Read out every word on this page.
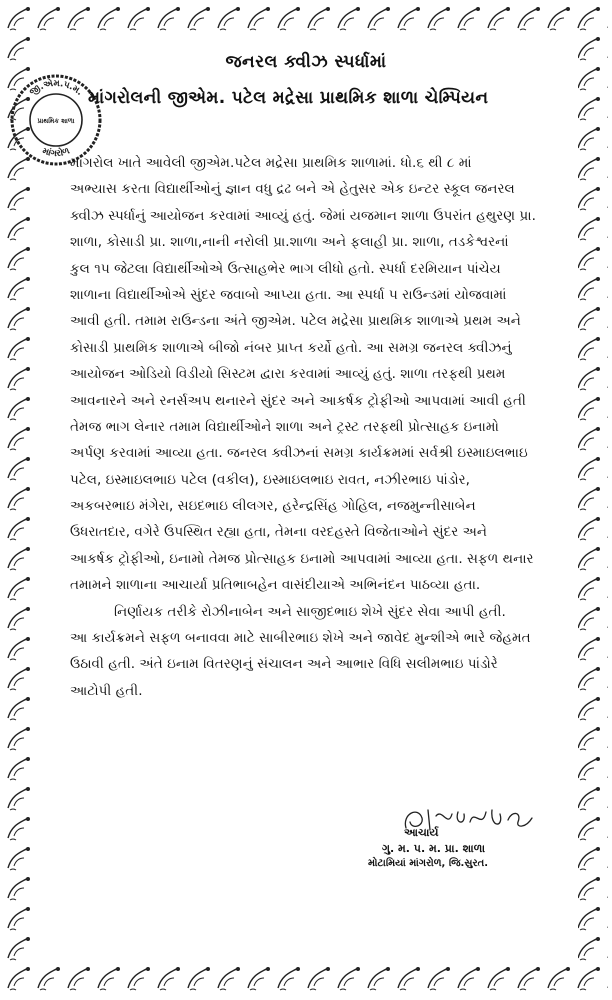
જી.એમ.પ.મ.
પ્રાથમિક શાળા
માંગરોળ
જનરલ ક્વીઝ સ્પર્ધામાં
માંગરોલની જીએમ. પટેલ મદ્રેસા પ્રાથમિક શાળા ચેમ્પિયન
માંગરોલ ખાતે આવેલી જીએમ.પટેલ મદ્રેસા પ્રાથમિક શાળામાં. ધો.૬ થી ૮ માં
અભ્યાસ કરતા વિદ્યાર્થીઓનું જ્ઞાન વધુ દ્રઢ બને એ હેતુસર એક ઇન્ટર સ્કૂલ જનરલ
ક્વીઝ સ્પર્ધાનું આયોજન કરવામાં આવ્યું હતું. જેમાં યજમાન શાળા ઉપરાંત હથુરણ પ્રા.
શાળા, કોસાડી પ્રા. શાળા,નાની નરોલી પ્રા.શાળા અને ફલાહી પ્રા. શાળા, તડકેશ્વરનાં
કુલ ૧૫ જેટલા વિદ્યાર્થીઓએ ઉત્સાહભેર ભાગ લીધો હતો. સ્પર્ધા દરમિયાન પાંચેય
શાળાના વિદ્યાર્થીઓએ સુંદર જવાબો આપ્યા હતા. આ સ્પર્ધા ૫ રાઉન્ડમાં યોજવામાં
આવી હતી. તમામ રાઉન્ડના અંતે જીએમ. પટેલ મદ્રેસા પ્રાથમિક શાળાએ પ્રથમ અને
કોસાડી પ્રાથમિક શાળાએ બીજો નંબર પ્રાપ્ત કર્યો હતો. આ સમગ્ર જનરલ ક્વીઝનું
આયોજન ઓડિયો વિડીયો સિસ્ટમ દ્વારા કરવામાં આવ્યું હતું. શાળા તરફથી પ્રથમ
આવનારને અને રનર્સઅપ થનારને સુંદર અને આકર્ષક ટ્રોફીઓ આપવામાં આવી હતી
તેમજ ભાગ લેનાર તમામ વિદ્યાર્થીઓને શાળા અને ટ્રસ્ટ તરફથી પ્રોત્સાહક ઇનામો
અર્પણ કરવામાં આવ્યા હતા. જનરલ ક્વીઝનાં સમગ્ર કાર્યક્રમમાં સર્વશ્રી ઇસ્માઇલભાઇ
પટેલ, ઇસ્માઇલભાઇ પટેલ (વકીલ), ઇસ્માઇલભાઇ રાવત, નઝીરભાઇ પાંડોર,
અકબરભાઇ મંગેરા, સઇદભાઇ લીલગર, હરેન્દ્રસિંહ ગોહિલ, નજમુન્નીસાબેન
ઉધરાતદાર, વગેરે ઉપસ્થિત રહ્યા હતા, તેમના વરદહસ્તે વિજેતાઓને સુંદર અને
આકર્ષક ટ્રોફીઓ, ઇનામો તેમજ પ્રોત્સાહક ઇનામો આપવામાં આવ્યા હતા. સફળ થનાર
તમામને શાળાના આચાર્યા પ્રતિભાબહેન વાસંદીયાએ અભિનંદન પાઠવ્યા હતા.
નિર્ણાયક તરીકે રોઝીનાબેન અને સાજીદભાઇ શેખે સુંદર સેવા આપી હતી.
આ કાર્યક્રમને સફળ બનાવવા માટે સાબીરભાઇ શેખે અને જાવેદ મુન્શીએ ભારે જેહમત
ઉઠાવી હતી. અંતે ઇનામ વિતરણનું સંચાલન અને આભાર વિધિ સલીમભાઇ પાંડોરે
આટોપી હતી.
આચાર્ય
ગુ. મ. પ. મ. પ્રા. શાળા
મોટામિયાં માંગરોળ, જિ.સુરત.
